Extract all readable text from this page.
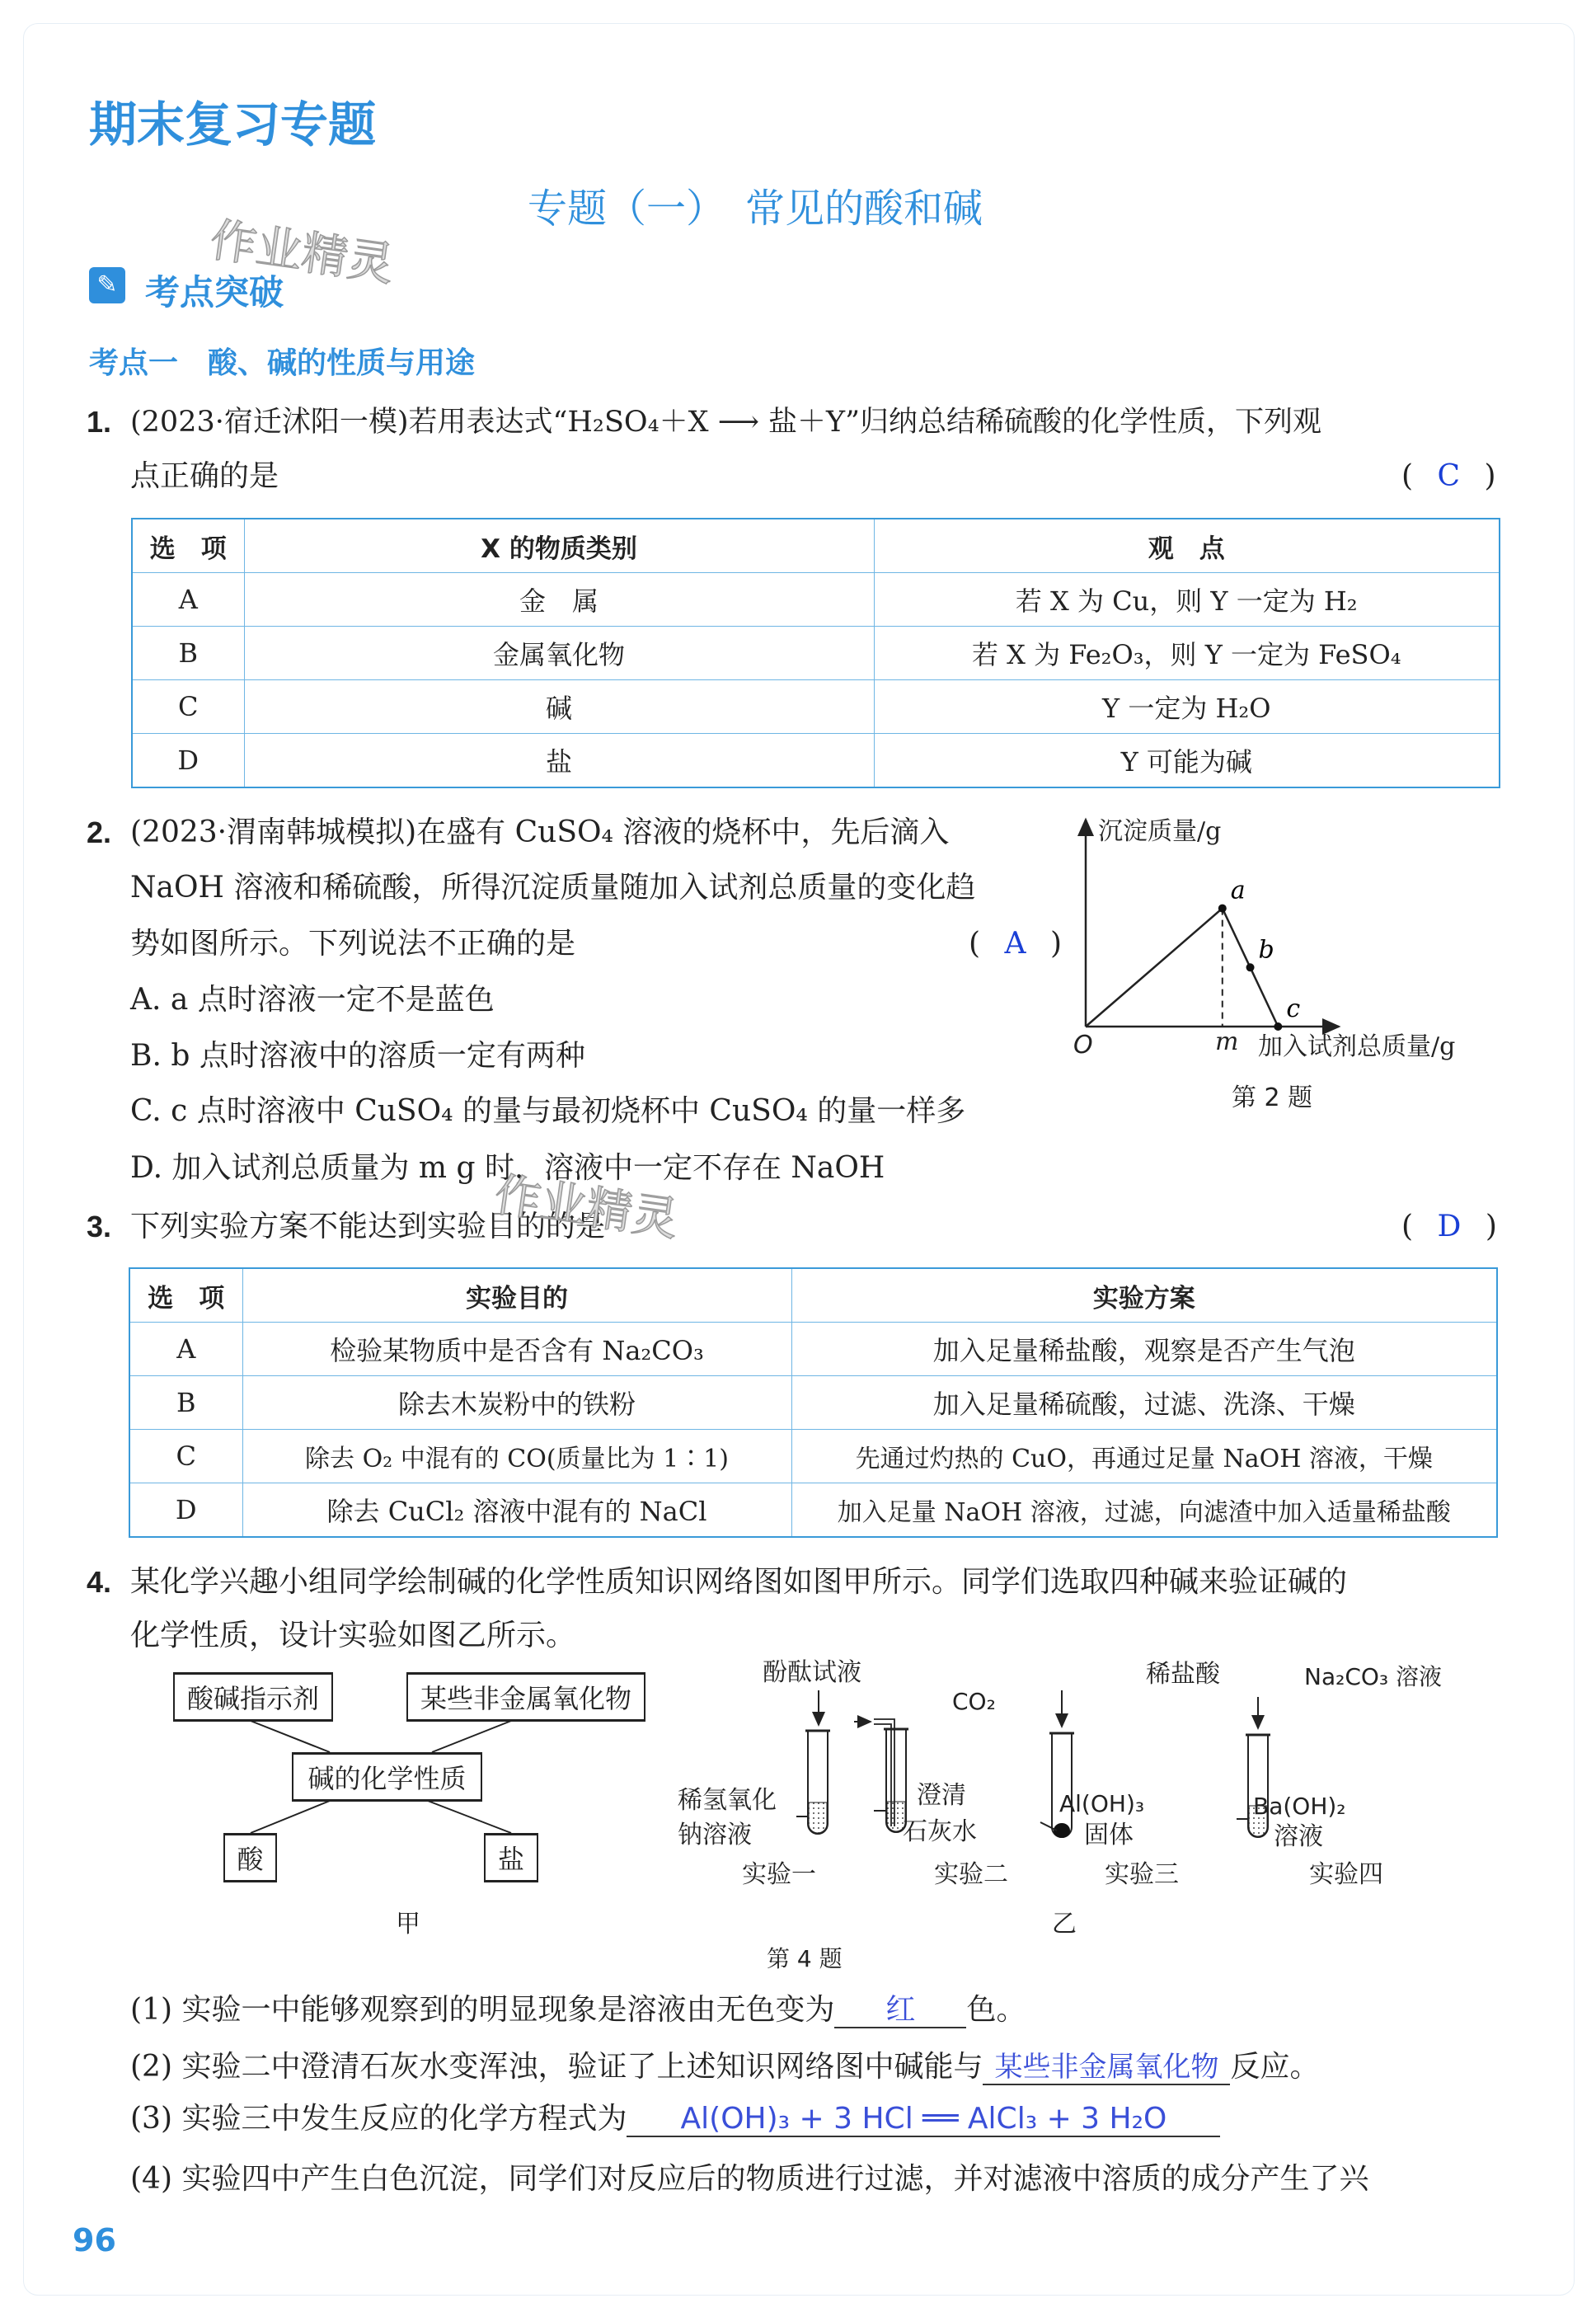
期末复习专题
专题（一）　常见的酸和碱
作业精灵
✎ 考点突破
考点一　酸、碱的性质与用途
1. (2023·宿迁沭阳一模)若用表达式“H₂SO₄＋X ⟶ 盐＋Y”归纳总结稀硫酸的化学性质，下列观
点正确的是	( C )
选　项	X 的物质类别	观　点
A	金　属	若 X 为 Cu，则 Y 一定为 H₂
B	金属氧化物	若 X 为 Fe₂O₃，则 Y 一定为 FeSO₄
C	碱	Y 一定为 H₂O
D	盐	Y 可能为碱
2. (2023·渭南韩城模拟)在盛有 CuSO₄ 溶液的烧杯中，先后滴入
NaOH 溶液和稀硫酸，所得沉淀质量随加入试剂总质量的变化趋
势如图所示。下列说法不正确的是	( A )
A. a 点时溶液一定不是蓝色
B. b 点时溶液中的溶质一定有两种
C. c 点时溶液中 CuSO₄ 的量与最初烧杯中 CuSO₄ 的量一样多
D. 加入试剂总质量为 m g 时，溶液中一定不存在 NaOH
a
b
c
沉淀质量/g
加入试剂总质量/g
O	m
第 2 题
3. 下列实验方案不能达到实验目的的是
作业精灵	( D )
选　项	实验目的	实验方案
A	检验某物质中是否含有 Na₂CO₃	加入足量稀盐酸，观察是否产生气泡
B	除去木炭粉中的铁粉	加入足量稀硫酸，过滤、洗涤、干燥
C	除去 O₂ 中混有的 CO(质量比为 1∶1)	先通过灼热的 CuO，再通过足量 NaOH 溶液，干燥
D	除去 CuCl₂ 溶液中混有的 NaCl	加入足量 NaOH 溶液，过滤，向滤渣中加入适量稀盐酸
4. 某化学兴趣小组同学绘制碱的化学性质知识网络图如图甲所示。同学们选取四种碱来验证碱的
化学性质，设计实验如图乙所示。
酸碱指示剂	某些非金属氧化物
碱的化学性质
酸	盐
甲
酚酞试液
稀氢氧化
钠溶液
实验一
CO₂
澄清
石灰水
实验二
稀盐酸
Al(OH)₃
固体
实验三
Na₂CO₃ 溶液
Ba(OH)₂
溶液
实验四
乙
第 4 题
(1) 实验一中能够观察到的明显现象是溶液由无色变为 红 色。
(2) 实验二中澄清石灰水变浑浊，验证了上述知识网络图中碱能与 某些非金属氧化物 反应。
(3) 实验三中发生反应的化学方程式为 Al(OH)₃ + 3 HCl ══ AlCl₃ + 3 H₂O
(4) 实验四中产生白色沉淀，同学们对反应后的物质进行过滤，并对滤液中溶质的成分产生了兴
96
